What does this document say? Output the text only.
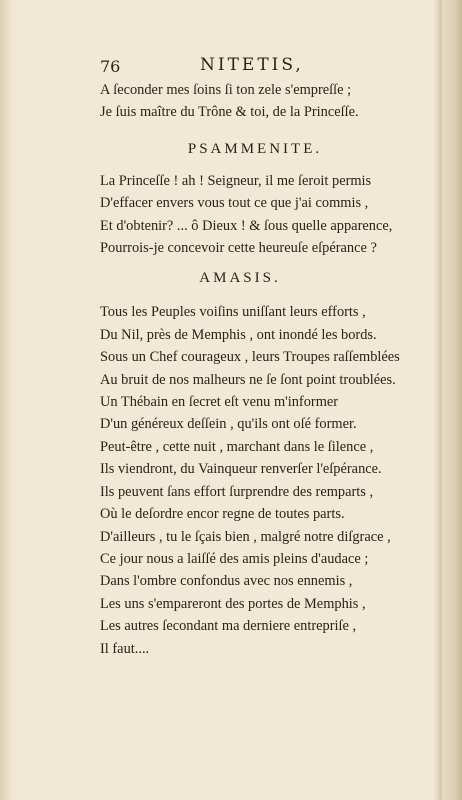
76	NITETIS,
A ſeconder mes ſoins ſi ton zele s'empreſſe ;
Je ſuis maître du Trône & toi, de la Princeſſe.
PSAMMENITE.
La Princeſſe ! ah ! Seigneur, il me ſeroit permis
D'effacer envers vous tout ce que j'ai commis ,
Et d'obtenir? ... ô Dieux ! & ſous quelle apparence,
Pourrois-je concevoir cette heureuſe eſpérance ?
AMASIS.
Tous les Peuples voiſins uniſſant leurs efforts ,
Du Nil, près de Memphis , ont inondé les bords.
Sous un Chef courageux , leurs Troupes raſſemblées
Au bruit de nos malheurs ne ſe ſont point troublées.
Un Thébain en ſecret eſt venu m'informer
D'un généreux deſſein , qu'ils ont oſé former.
Peut-être , cette nuit , marchant dans le ſilence ,
Ils viendront, du Vainqueur renverſer l'eſpérance.
Ils peuvent ſans effort ſurprendre des remparts ,
Où le deſordre encor regne de toutes parts.
D'ailleurs , tu le ſçais bien , malgré notre diſgrace ,
Ce jour nous a laiſſé des amis pleins d'audace ;
Dans l'ombre confondus avec nos ennemis ,
Les uns s'empareront des portes de Memphis ,
Les autres ſecondant ma derniere entrepriſe ,
Il faut....
